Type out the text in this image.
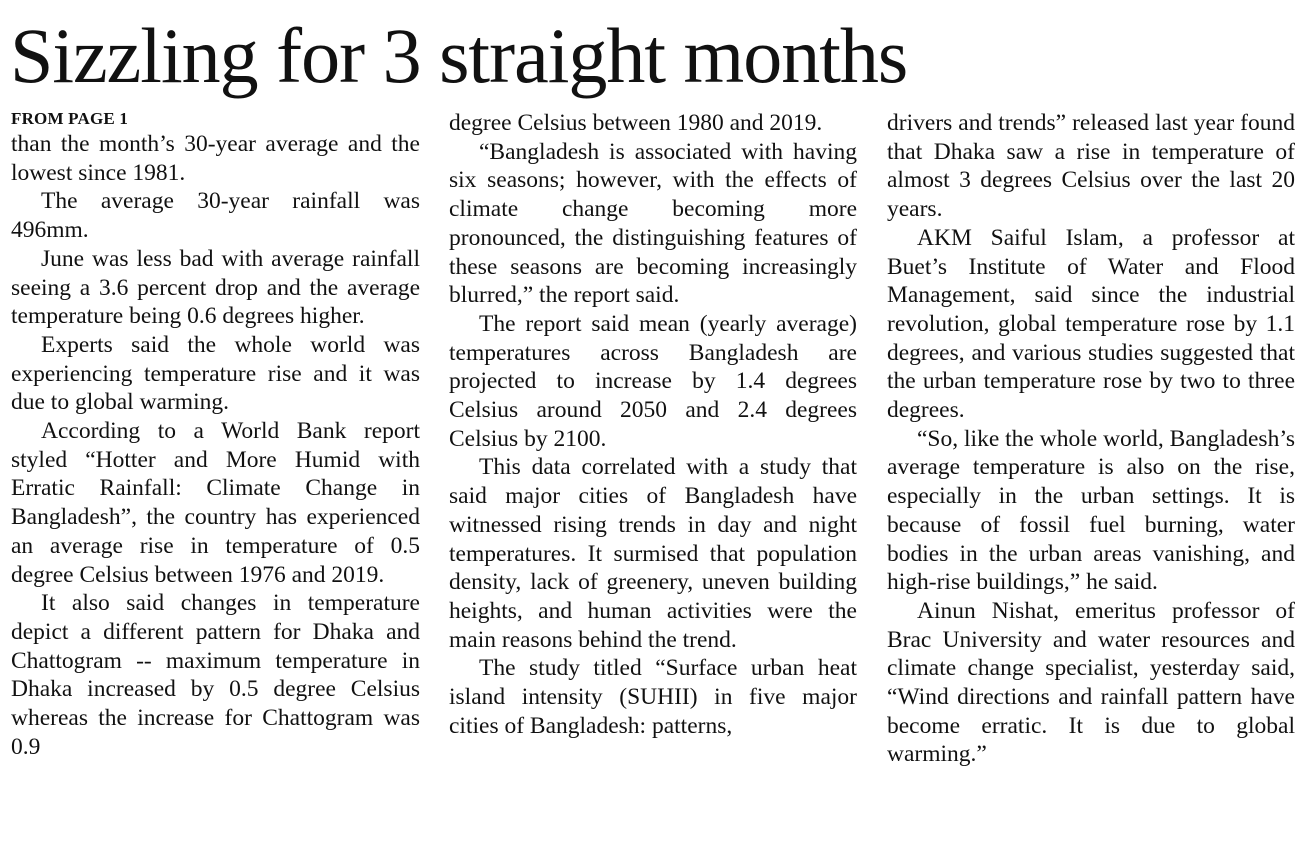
Sizzling for 3 straight months
FROM PAGE 1

than the month’s 30-year average and the lowest since 1981.

The average 30-year rainfall was 496mm.

June was less bad with average rainfall seeing a 3.6 percent drop and the average temperature being 0.6 degrees higher.

Experts said the whole world was experiencing temperature rise and it was due to global warming.

According to a World Bank report styled “Hotter and More Humid with Erratic Rainfall: Climate Change in Bangladesh”, the country has experienced an average rise in temperature of 0.5 degree Celsius between 1976 and 2019.

It also said changes in temperature depict a different pattern for Dhaka and Chattogram -- maximum temperature in Dhaka increased by 0.5 degree Celsius whereas the increase for Chattogram was 0.9

degree Celsius between 1980 and 2019.

“Bangladesh is associated with having six seasons; however, with the effects of climate change becoming more pronounced, the distinguishing features of these seasons are becoming increasingly blurred,” the report said.

The report said mean (yearly average) temperatures across Bangladesh are projected to increase by 1.4 degrees Celsius around 2050 and 2.4 degrees Celsius by 2100.

This data correlated with a study that said major cities of Bangladesh have witnessed rising trends in day and night temperatures. It surmised that population density, lack of greenery, uneven building heights, and human activities were the main reasons behind the trend.

The study titled “Surface urban heat island intensity (SUHII) in five major cities of Bangladesh: patterns,

drivers and trends” released last year found that Dhaka saw a rise in temperature of almost 3 degrees Celsius over the last 20 years.

AKM Saiful Islam, a professor at Buet’s Institute of Water and Flood Management, said since the industrial revolution, global temperature rose by 1.1 degrees, and various studies suggested that the urban temperature rose by two to three degrees.

“So, like the whole world, Bangladesh’s average temperature is also on the rise, especially in the urban settings. It is because of fossil fuel burning, water bodies in the urban areas vanishing, and high-rise buildings,” he said.

Ainun Nishat, emeritus professor of Brac University and water resources and climate change specialist, yesterday said, “Wind directions and rainfall pattern have become erratic. It is due to global warming.”
